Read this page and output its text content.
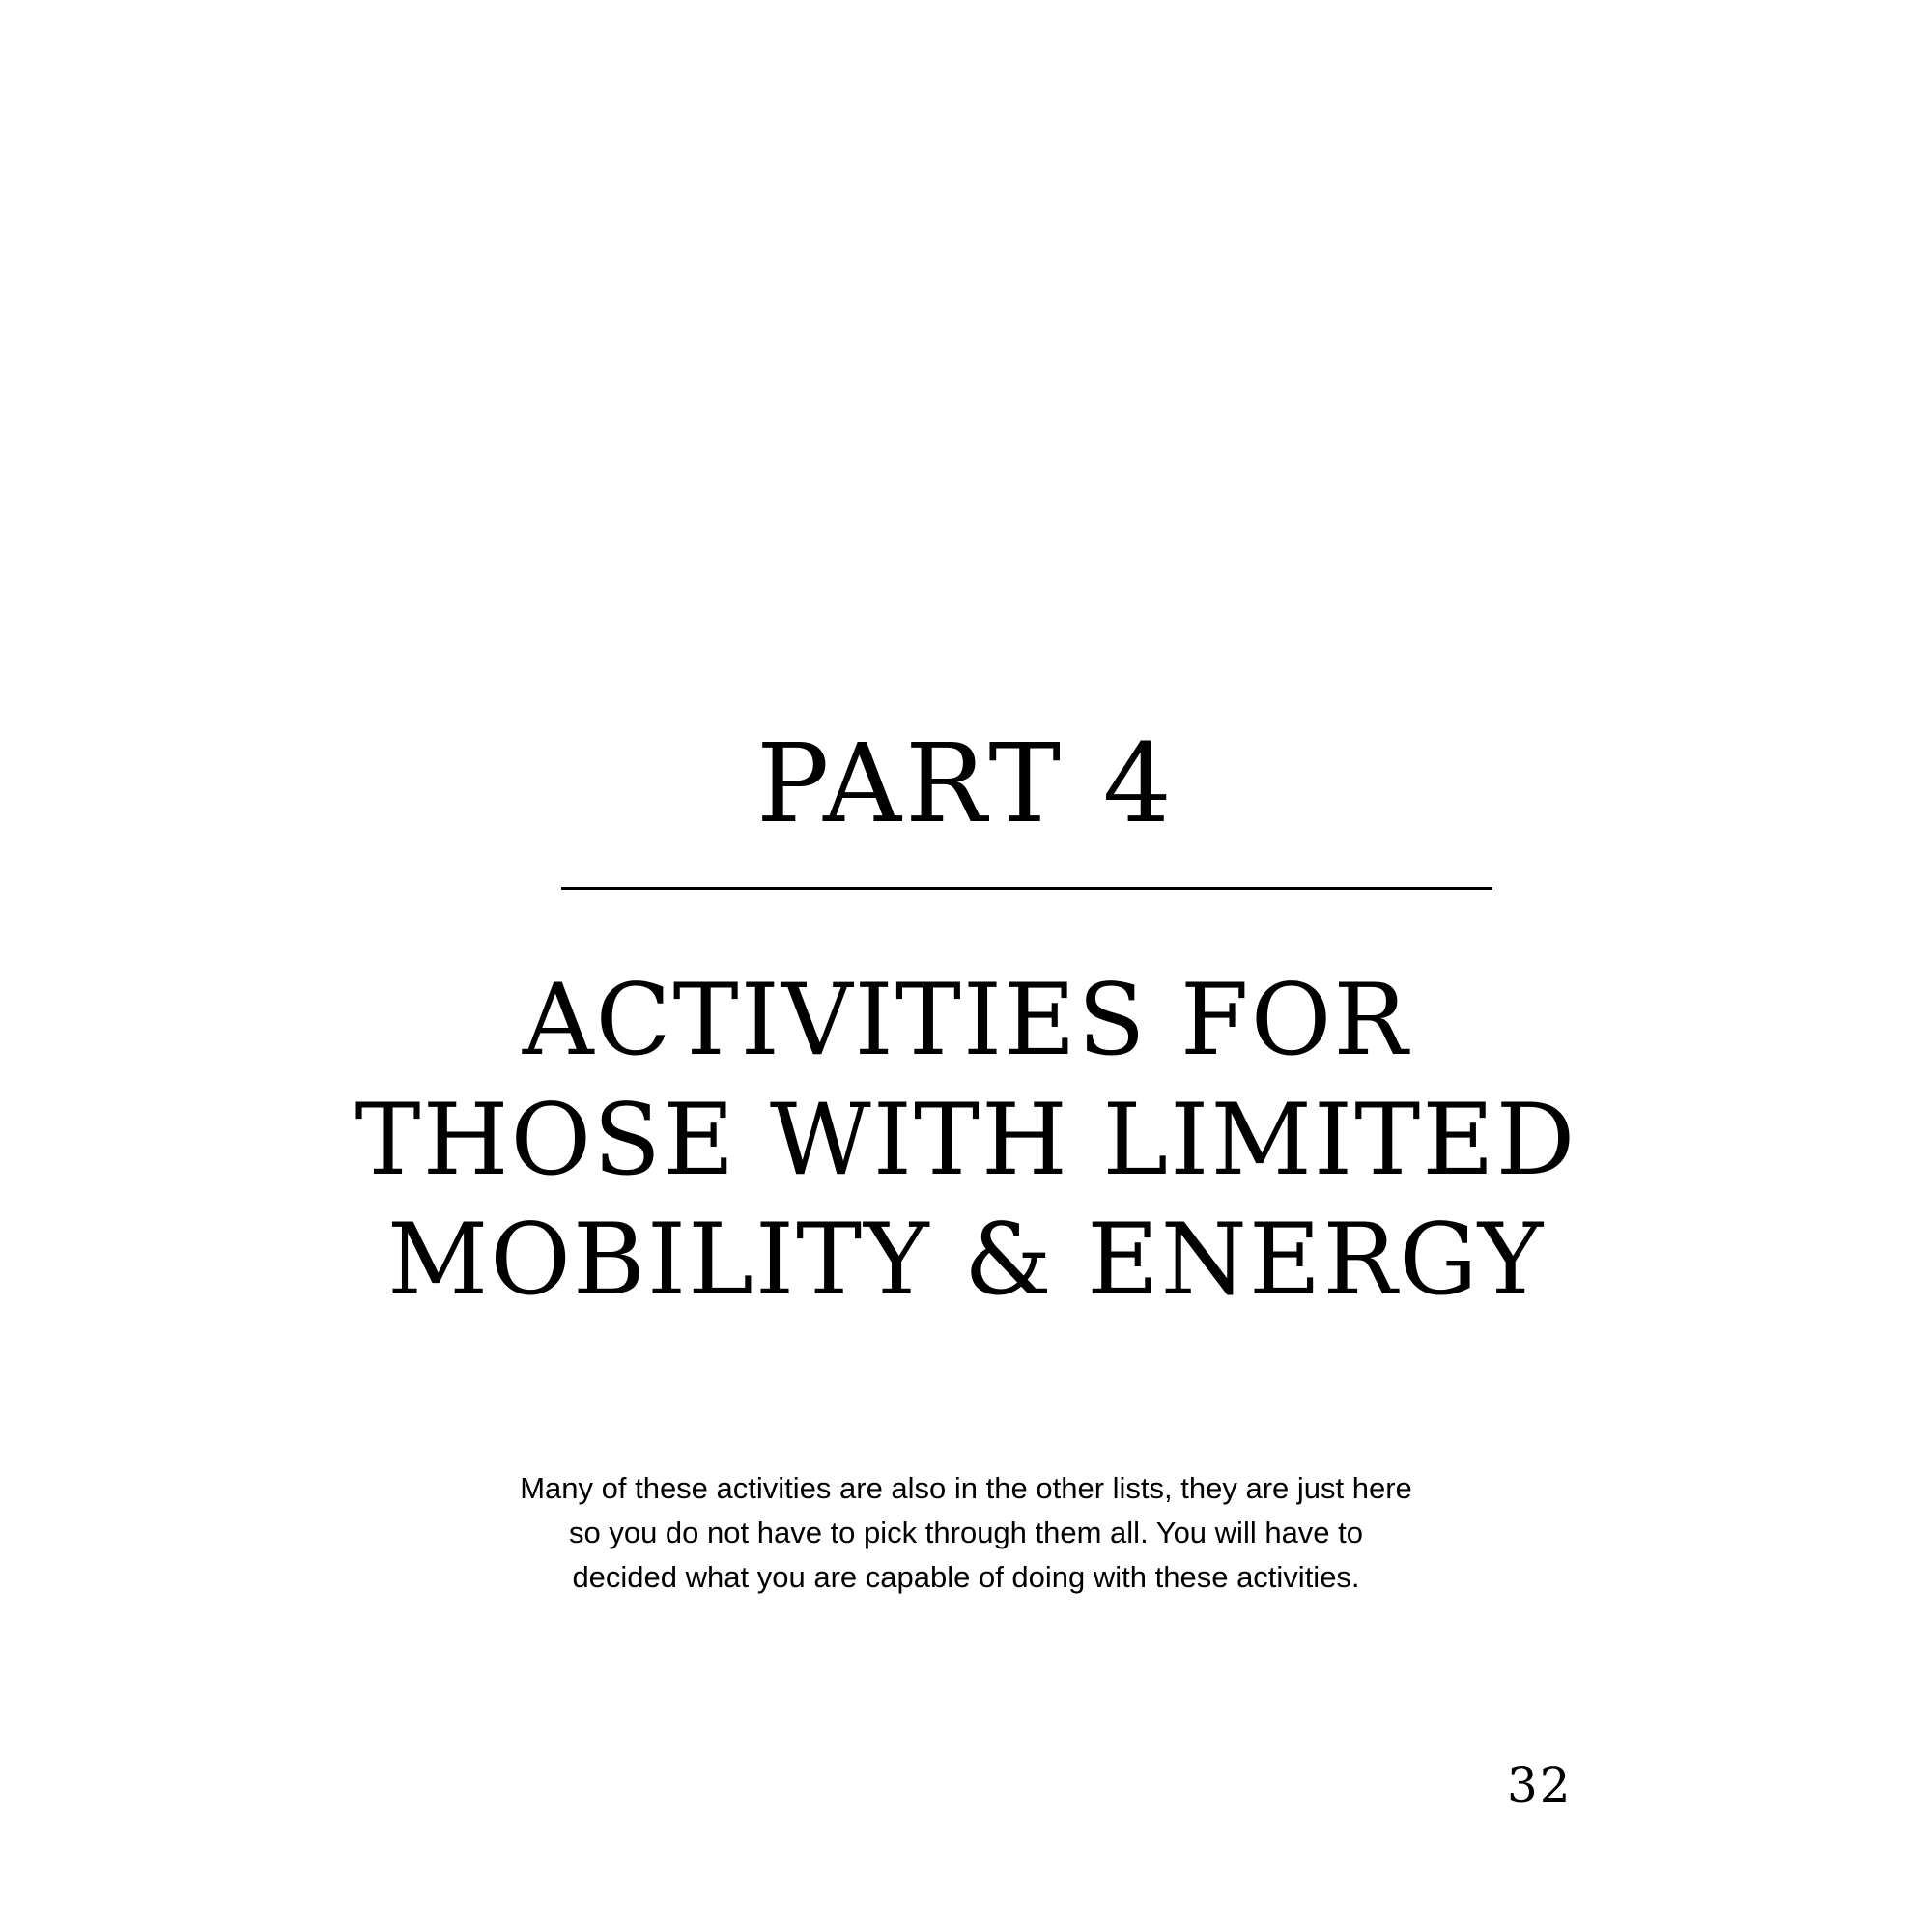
PART 4
ACTIVITIES FOR
THOSE WITH LIMITED
MOBILITY & ENERGY

Many of these activities are also in the other lists, they are just here
so you do not have to pick through them all. You will have to
decided what you are capable of doing with these activities.

32
